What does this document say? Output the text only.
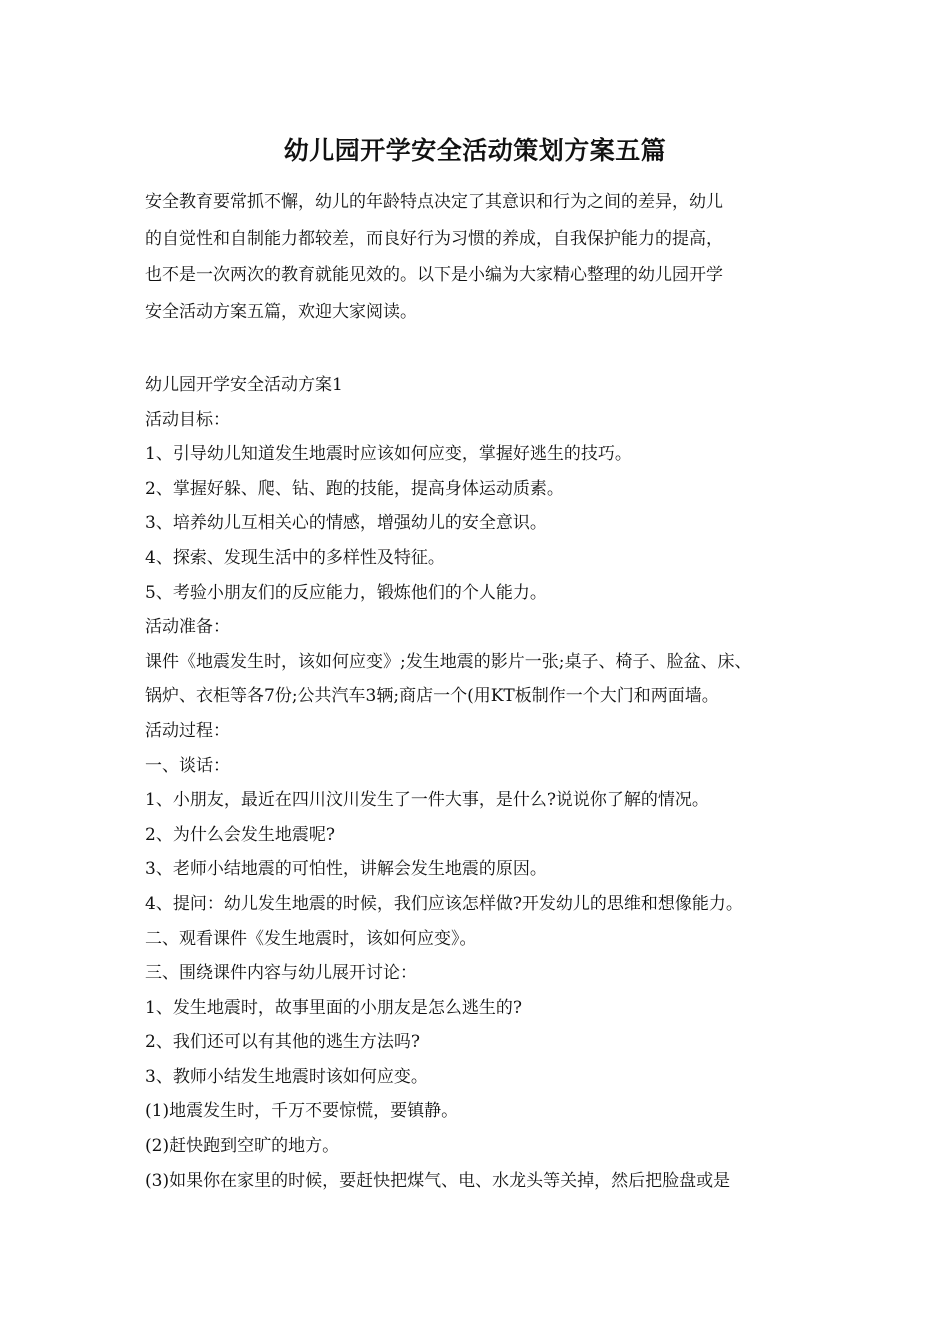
幼儿园开学安全活动策划方案五篇
安全教育要常抓不懈，幼儿的年龄特点决定了其意识和行为之间的差异，幼儿
的自觉性和自制能力都较差，而良好行为习惯的养成，自我保护能力的提高，
也不是一次两次的教育就能见效的。以下是小编为大家精心整理的幼儿园开学
安全活动方案五篇，欢迎大家阅读。
幼儿园开学安全活动方案1
活动目标：
1、引导幼儿知道发生地震时应该如何应变，掌握好逃生的技巧。
2、掌握好躲、爬、钻、跑的技能，提高身体运动质素。
3、培养幼儿互相关心的情感，增强幼儿的安全意识。
4、探索、发现生活中的多样性及特征。
5、考验小朋友们的反应能力，锻炼他们的个人能力。
活动准备：
课件《地震发生时，该如何应变》;发生地震的影片一张;桌子、椅子、脸盆、床、
锅炉、衣柜等各7份;公共汽车3辆;商店一个(用KT板制作一个大门和两面墙。
活动过程：
一、谈话：
1、小朋友，最近在四川汶川发生了一件大事，是什么?说说你了解的情况。
2、为什么会发生地震呢?
3、老师小结地震的可怕性，讲解会发生地震的原因。
4、提问：幼儿发生地震的时候，我们应该怎样做?开发幼儿的思维和想像能力。
二、观看课件《发生地震时，该如何应变》。
三、围绕课件内容与幼儿展开讨论：
1、发生地震时，故事里面的小朋友是怎么逃生的?
2、我们还可以有其他的逃生方法吗?
3、教师小结发生地震时该如何应变。
(1)地震发生时，千万不要惊慌，要镇静。
(2)赶快跑到空旷的地方。
(3)如果你在家里的时候，要赶快把煤气、电、水龙头等关掉，然后把脸盘或是
